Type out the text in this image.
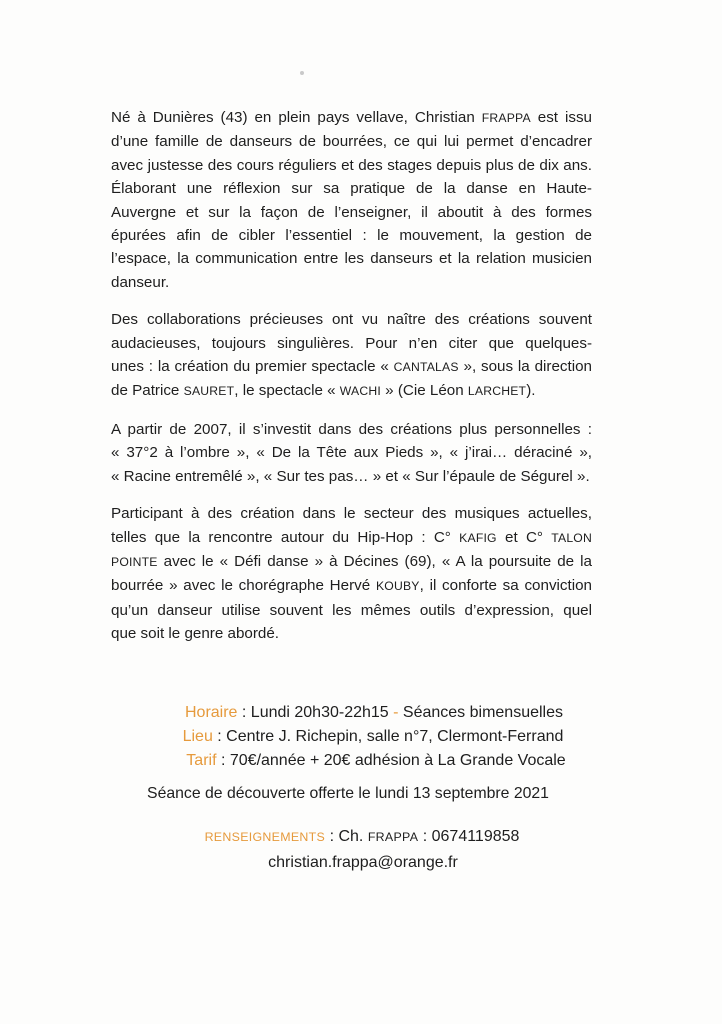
Né à Dunières (43) en plein pays vellave, Christian FRAPPA est issu
d’une famille de danseurs de bourrées, ce qui lui permet d’encadrer
avec justesse des cours réguliers et des stages depuis plus de dix ans.
Élaborant une réflexion sur sa pratique de la danse en Haute-
Auvergne et sur la façon de l’enseigner, il aboutit à des formes
épurées afin de cibler l’essentiel : le mouvement, la gestion de
l’espace, la communication entre les danseurs et la relation musicien
danseur.
Des collaborations précieuses ont vu naître des créations souvent
audacieuses, toujours singulières. Pour n’en citer que quelques-
unes : la création du premier spectacle « CANTALAS », sous la direction
de Patrice SAURET, le spectacle « WACHI » (Cie Léon LARCHET).
A partir de 2007, il s’investit dans des créations plus personnelles :
« 37°2 à l’ombre », « De la Tête aux Pieds », « j’irai… déraciné »,
« Racine entremêlé », « Sur tes pas… » et « Sur l’épaule de Ségurel ».
Participant à des création dans le secteur des musiques actuelles,
telles que la rencontre autour du Hip-Hop : C° KAFIG et C° TALON
POINTE avec le « Défi danse » à Décines (69), « A la poursuite de la
bourrée » avec le chorégraphe Hervé KOUBY, il conforte sa conviction
qu’un danseur utilise souvent les mêmes outils d’expression, quel
que soit le genre abordé.
Horaire : Lundi 20h30-22h15 - Séances bimensuelles
Lieu : Centre J. Richepin, salle n°7, Clermont-Ferrand
Tarif : 70€/année + 20€ adhésion à La Grande Vocale
Séance de découverte offerte le lundi 13 septembre 2021
RENSEIGNEMENTS : Ch. FRAPPA : 0674119858
christian.frappa@orange.fr
